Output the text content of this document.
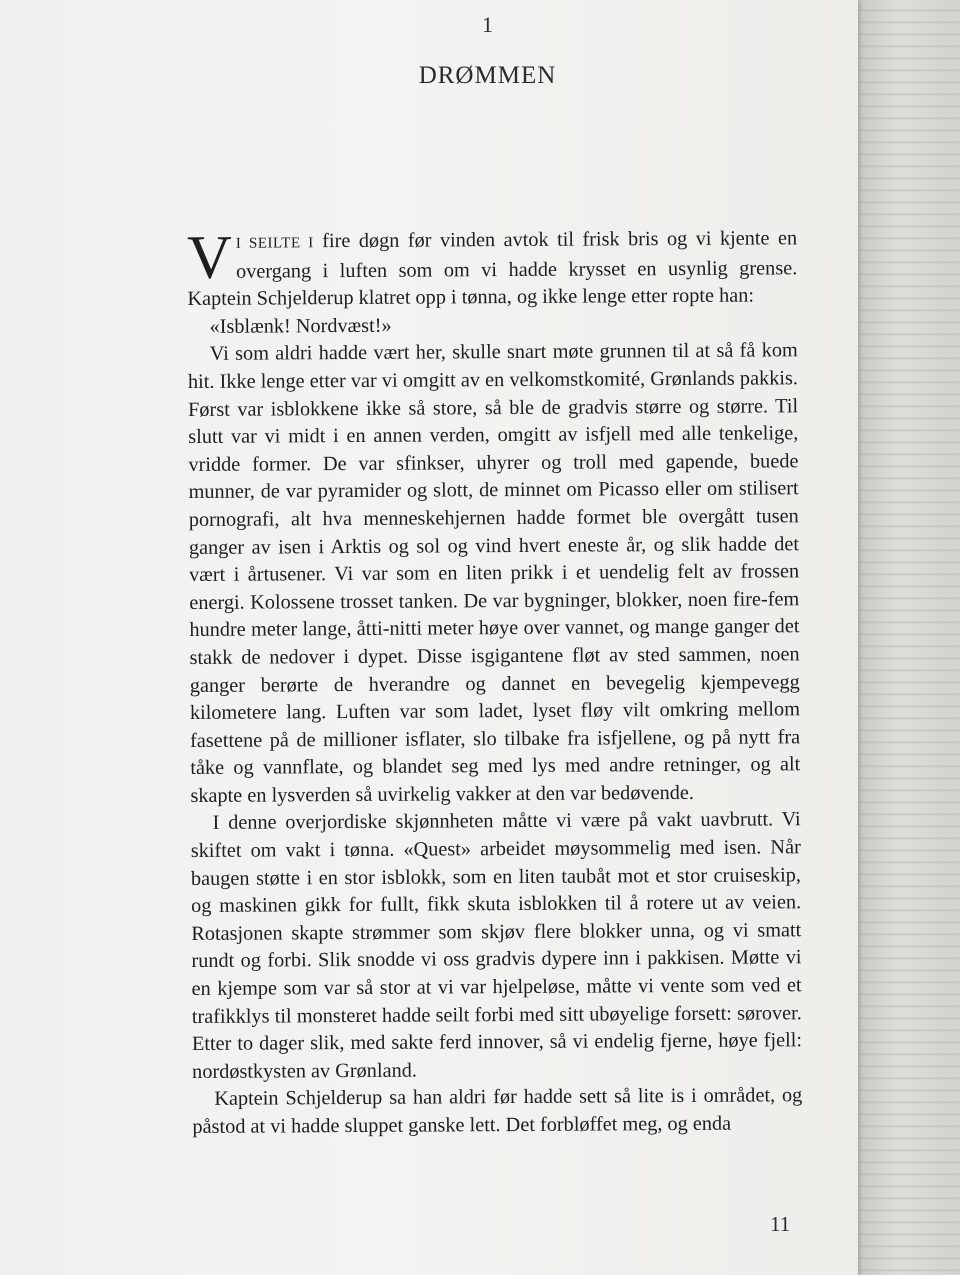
1
DRØMMEN

V I SEILTE I fire døgn før vinden avtok til frisk bris og vi kjente en overgang i luften som om vi hadde krysset en usynlig grense. Kaptein Schjelderup klatret opp i tønna, og ikke lenge etter ropte han:

«Isblænk! Nordvæst!»

Vi som aldri hadde vært her, skulle snart møte grunnen til at så få kom hit. Ikke lenge etter var vi omgitt av en velkomstkomité, Grønlands pakkis. Først var isblokkene ikke så store, så ble de gradvis større og større. Til slutt var vi midt i en annen verden, omgitt av isfjell med alle tenkelige, vridde former. De var sfinkser, uhyrer og troll med gapende, buede munner, de var pyramider og slott, de minnet om Picasso eller om stilisert pornografi, alt hva menneskehjernen hadde formet ble overgått tusen ganger av isen i Arktis og sol og vind hvert eneste år, og slik hadde det vært i årtusener. Vi var som en liten prikk i et uendelig felt av frossen energi. Kolossene trosset tanken. De var bygninger, blokker, noen fire-fem hundre meter lange, åtti-nitti meter høye over vannet, og mange ganger det stakk de nedover i dypet. Disse isgigantene fløt av sted sammen, noen ganger berørte de hverandre og dannet en bevegelig kjempevegg kilometere lang. Luften var som ladet, lyset fløy vilt omkring mellom fasettene på de millioner isflater, slo tilbake fra isfjellene, og på nytt fra tåke og vannflate, og blandet seg med lys med andre retninger, og alt skapte en lysverden så uvirkelig vakker at den var bedøvende.

I denne overjordiske skjønnheten måtte vi være på vakt uavbrutt. Vi skiftet om vakt i tønna. «Quest» arbeidet møysommelig med isen. Når baugen støtte i en stor isblokk, som en liten taubåt mot et stor cruiseskip, og maskinen gikk for fullt, fikk skuta isblokken til å rotere ut av veien. Rotasjonen skapte strømmer som skjøv flere blokker unna, og vi smatt rundt og forbi. Slik snodde vi oss gradvis dypere inn i pakkisen. Møtte vi en kjempe som var så stor at vi var hjelpeløse, måtte vi vente som ved et trafikklys til monsteret hadde seilt forbi med sitt ubøyelige forsett: sørover. Etter to dager slik, med sakte ferd innover, så vi endelig fjerne, høye fjell: nordøstkysten av Grønland.

Kaptein Schjelderup sa han aldri før hadde sett så lite is i området, og påstod at vi hadde sluppet ganske lett. Det forbløffet meg, og enda

11
